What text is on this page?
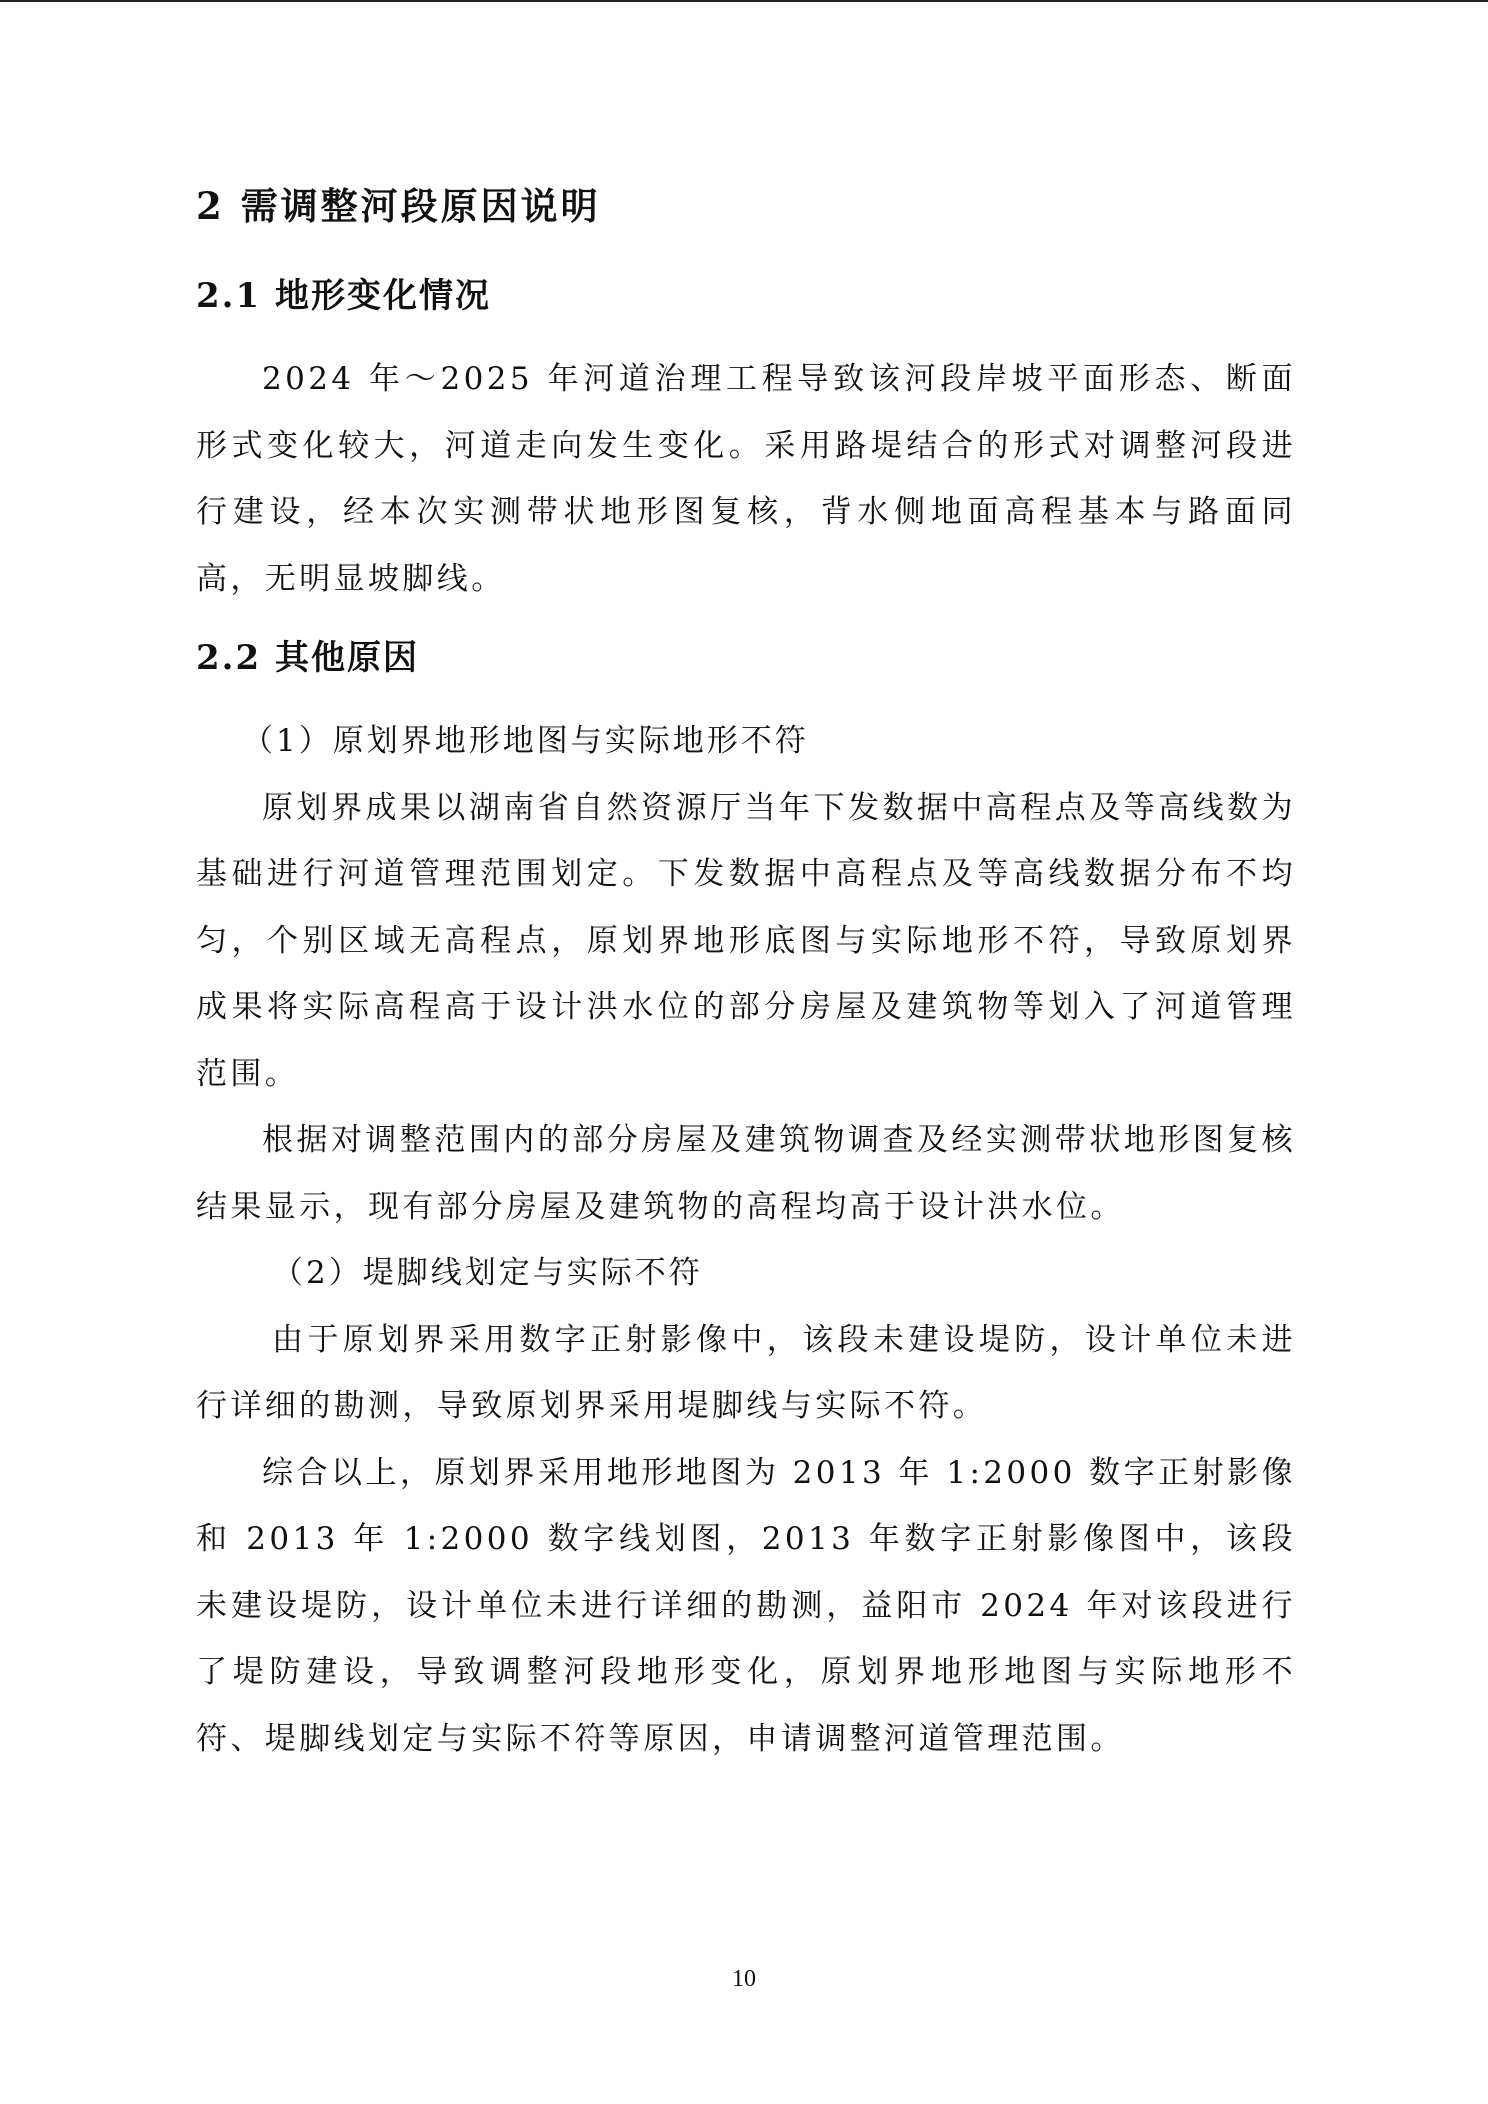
2 需调整河段原因说明
2.1 地形变化情况

2024 年～2025 年河道治理工程导致该河段岸坡平面形态、断面形式变化较大，河道走向发生变化。采用路堤结合的形式对调整河段进行建设，经本次实测带状地形图复核，背水侧地面高程基本与路面同高，无明显坡脚线。

2.2 其他原因

（1）原划界地形地图与实际地形不符

原划界成果以湖南省自然资源厅当年下发数据中高程点及等高线数为基础进行河道管理范围划定。下发数据中高程点及等高线数据分布不均匀，个别区域无高程点，原划界地形底图与实际地形不符，导致原划界成果将实际高程高于设计洪水位的部分房屋及建筑物等划入了河道管理范围。

根据对调整范围内的部分房屋及建筑物调查及经实测带状地形图复核结果显示，现有部分房屋及建筑物的高程均高于设计洪水位。

（2）堤脚线划定与实际不符

由于原划界采用数字正射影像中，该段未建设堤防，设计单位未进行详细的勘测，导致原划界采用堤脚线与实际不符。

综合以上，原划界采用地形地图为 2013 年 1:2000 数字正射影像和 2013 年 1:2000 数字线划图，2013 年数字正射影像图中，该段未建设堤防，设计单位未进行详细的勘测，益阳市 2024 年对该段进行了堤防建设，导致调整河段地形变化，原划界地形地图与实际地形不符、堤脚线划定与实际不符等原因，申请调整河道管理范围。

10
